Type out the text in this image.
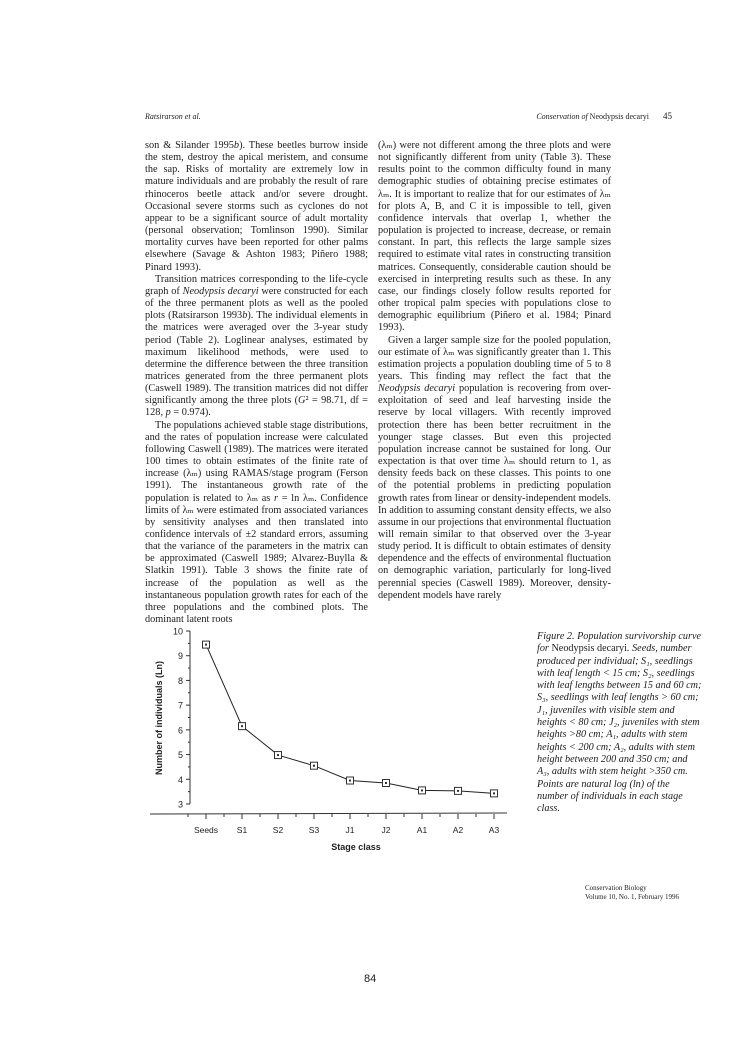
Ratsirarson et al.	Conservation of Neodypsis decaryi 45

son & Silander 1995b). These beetles burrow inside the stem, destroy the apical meristem, and consume the sap. Risks of mortality are extremely low in mature individuals and are probably the result of rare rhinoceros beetle attack and/or severe drought. Occasional severe storms such as cyclones do not appear to be a significant source of adult mortality (personal observation; Tomlinson 1990). Similar mortality curves have been reported for other palms elsewhere (Savage & Ashton 1983; Piñero 1988; Pinard 1993).

Transition matrices corresponding to the life-cycle graph of Neodypsis decaryi were constructed for each of the three permanent plots as well as the pooled plots (Ratsirarson 1993b). The individual elements in the matrices were averaged over the 3-year study period (Table 2). Loglinear analyses, estimated by maximum likelihood methods, were used to determine the difference between the three transition matrices generated from the three permanent plots (Caswell 1989). The transition matrices did not differ significantly among the three plots (G² = 98.71, df = 128, p = 0.974).

The populations achieved stable stage distributions, and the rates of population increase were calculated following Caswell (1989). The matrices were iterated 100 times to obtain estimates of the finite rate of increase (λₘ) using RAMAS/stage program (Ferson 1991). The instantaneous growth rate of the population is related to λₘ as r = ln λₘ. Confidence limits of λₘ were estimated from associated variances by sensitivity analyses and then translated into confidence intervals of ±2 standard errors, assuming that the variance of the parameters in the matrix can be approximated (Caswell 1989; Alvarez-Buylla & Slatkin 1991). Table 3 shows the finite rate of increase of the population as well as the instantaneous population growth rates for each of the three populations and the combined plots. The dominant latent roots

(λₘ) were not different among the three plots and were not significantly different from unity (Table 3). These results point to the common difficulty found in many demographic studies of obtaining precise estimates of λₘ. It is important to realize that for our estimates of λₘ for plots A, B, and C it is impossible to tell, given confidence intervals that overlap 1, whether the population is projected to increase, decrease, or remain constant. In part, this reflects the large sample sizes required to estimate vital rates in constructing transition matrices. Consequently, considerable caution should be exercised in interpreting results such as these. In any case, our findings closely follow results reported for other tropical palm species with populations close to demographic equilibrium (Piñero et al. 1984; Pinard 1993).

Given a larger sample size for the pooled population, our estimate of λₘ was significantly greater than 1. This estimation projects a population doubling time of 5 to 8 years. This finding may reflect the fact that the Neodypsis decaryi population is recovering from over-exploitation of seed and leaf harvesting inside the reserve by local villagers. With recently improved protection there has been better recruitment in the younger stage classes. But even this projected population increase cannot be sustained for long. Our expectation is that over time λₘ should return to 1, as density feeds back on these classes. This points to one of the potential problems in predicting population growth rates from linear or density-independent models. In addition to assuming constant density effects, we also assume in our projections that environmental fluctuation will remain similar to that observed over the 3-year study period. It is difficult to obtain estimates of density dependence and the effects of environmental fluctuation on demographic variation, particularly for long-lived perennial species (Caswell 1989). Moreover, density-dependent models have rarely

3
4
5
6
7
8
9
10
Seeds S1	S2	S3	J1	J2	A1	A2	A3
Stage class
Number of individuals (Ln)
Figure 2. Population survivorship curve for Neodypsis decaryi. Seeds, number produced per individual; S₁, seedlings with leaf length < 15 cm; S₂, seedlings with leaf lengths between 15 and 60 cm; S₃, seedlings with leaf lengths > 60 cm; J₁, juveniles with visible stem and heights < 80 cm; J₂, juveniles with stem heights >80 cm; A₁, adults with stem heights < 200 cm; A₂, adults with stem height between 200 and 350 cm; and A₃, adults with stem height >350 cm. Points are natural log (ln) of the number of individuals in each stage class.
Conservation Biology
Volume 10, No. 1, February 1996
84
